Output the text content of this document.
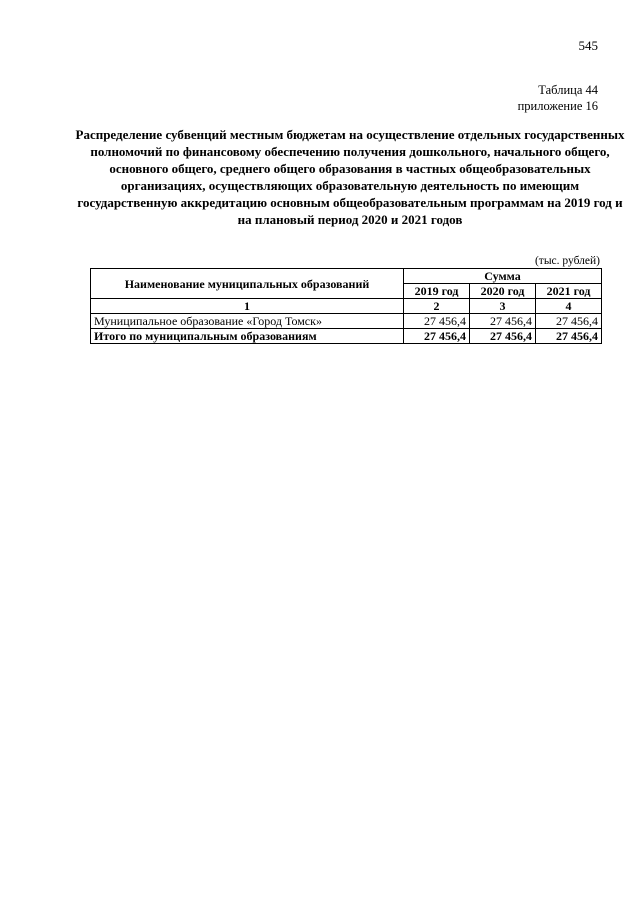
545
Таблица 44
приложение 16
Распределение субвенций местным бюджетам на осуществление отдельных государственных полномочий по финансовому обеспечению получения дошкольного, начального общего, основного общего, среднего общего образования в частных общеобразовательных организациях, осуществляющих образовательную деятельность по имеющим государственную аккредитацию основным общеобразовательным программам на 2019 год и на плановый период 2020 и 2021 годов
(тыс. рублей)
Наименование муниципальных образований	Сумма		
	2019 год	2020 год	2021 год
1	2	3	4
Муниципальное образование «Город Томск»	27 456,4	27 456,4	27 456,4
Итого по муниципальным образованиям	27 456,4	27 456,4	27 456,4
